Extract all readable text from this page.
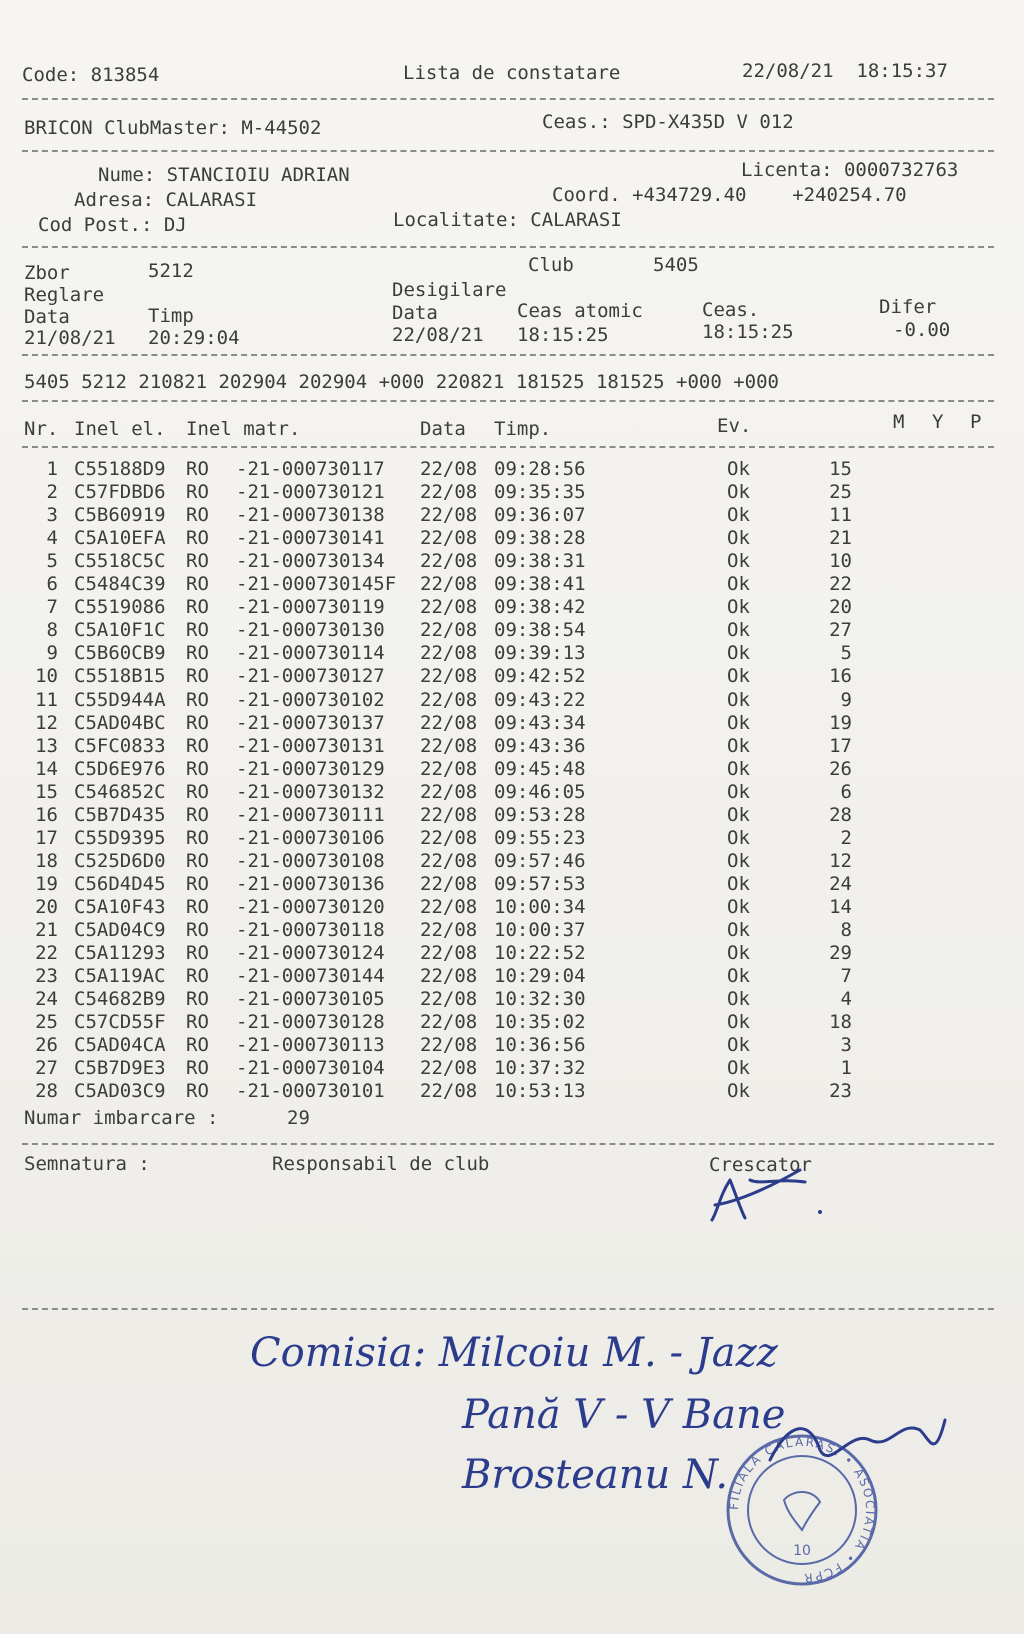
Code: 813854	Lista de constatare	22/08/21  18:15:37
BRICON ClubMaster: M-44502	Ceas.: SPD-X435D V 012
Nume: STANCIOIU ADRIAN
Adresa: CALARASI
Cod Post.: DJ
Licenta: 0000732763
Coord. +434729.40    +240254.70
Localitate: CALARASI
Zbor	5212	Club	5405
Reglare	Desigilare
Data	Timp	Data	Ceas atomic	Ceas.	Difer
21/08/21 20:29:04	22/08/21 18:15:25	18:15:25	-0.00
5405 5212 210821 202904 202904 +000 220821 181525 181525 +000 +000
Nr. Inel el. Inel matr.	Data Timp.	Ev.	M Y P
1 C55188D9 RO -21-000730117 22/08 09:28:56	Ok	15
2 C57FDBD6 RO -21-000730121 22/08 09:35:35	Ok	25
3 C5B60919 RO -21-000730138 22/08 09:36:07	Ok	11
4 C5A10EFA RO -21-000730141 22/08 09:38:28	Ok	21
5 C5518C5C RO -21-000730134 22/08 09:38:31	Ok	10
6 C5484C39 RO -21-000730145F 22/08 09:38:41	Ok	22
7 C5519086 RO -21-000730119 22/08 09:38:42	Ok	20
8 C5A10F1C RO -21-000730130 22/08 09:38:54	Ok	27
9 C5B60CB9 RO -21-000730114 22/08 09:39:13	Ok	5
10 C5518B15 RO -21-000730127 22/08 09:42:52	Ok	16
11 C55D944A RO -21-000730102 22/08 09:43:22	Ok	9
12 C5AD04BC RO -21-000730137 22/08 09:43:34	Ok	19
13 C5FC0833 RO -21-000730131 22/08 09:43:36	Ok	17
14 C5D6E976 RO -21-000730129 22/08 09:45:48	Ok	26
15 C546852C RO -21-000730132 22/08 09:46:05	Ok	6
16 C5B7D435 RO -21-000730111 22/08 09:53:28	Ok	28
17 C55D9395 RO -21-000730106 22/08 09:55:23	Ok	2
18 C525D6D0 RO -21-000730108 22/08 09:57:46	Ok	12
19 C56D4D45 RO -21-000730136 22/08 09:57:53	Ok	24
20 C5A10F43 RO -21-000730120 22/08 10:00:34	Ok	14
21 C5AD04C9 RO -21-000730118 22/08 10:00:37	Ok	8
22 C5A11293 RO -21-000730124 22/08 10:22:52	Ok	29
23 C5A119AC RO -21-000730144 22/08 10:29:04	Ok	7
24 C54682B9 RO -21-000730105 22/08 10:32:30	Ok	4
25 C57CD55F RO -21-000730128 22/08 10:35:02	Ok	18
26 C5AD04CA RO -21-000730113 22/08 10:36:56	Ok	3
27 C5B7D9E3 RO -21-000730104 22/08 10:37:32	Ok	1
28 C5AD03C9 RO -21-000730101 22/08 10:53:13	Ok	23
Numar imbarcare :	29
Semnatura :	Responsabil de club	Crescator
Comisia: Milcoiu M. - Jazz
Pană V - V Bane
Brosteanu N.
FILIALA CALARASI • ASOCIATIA • FCPR
10
